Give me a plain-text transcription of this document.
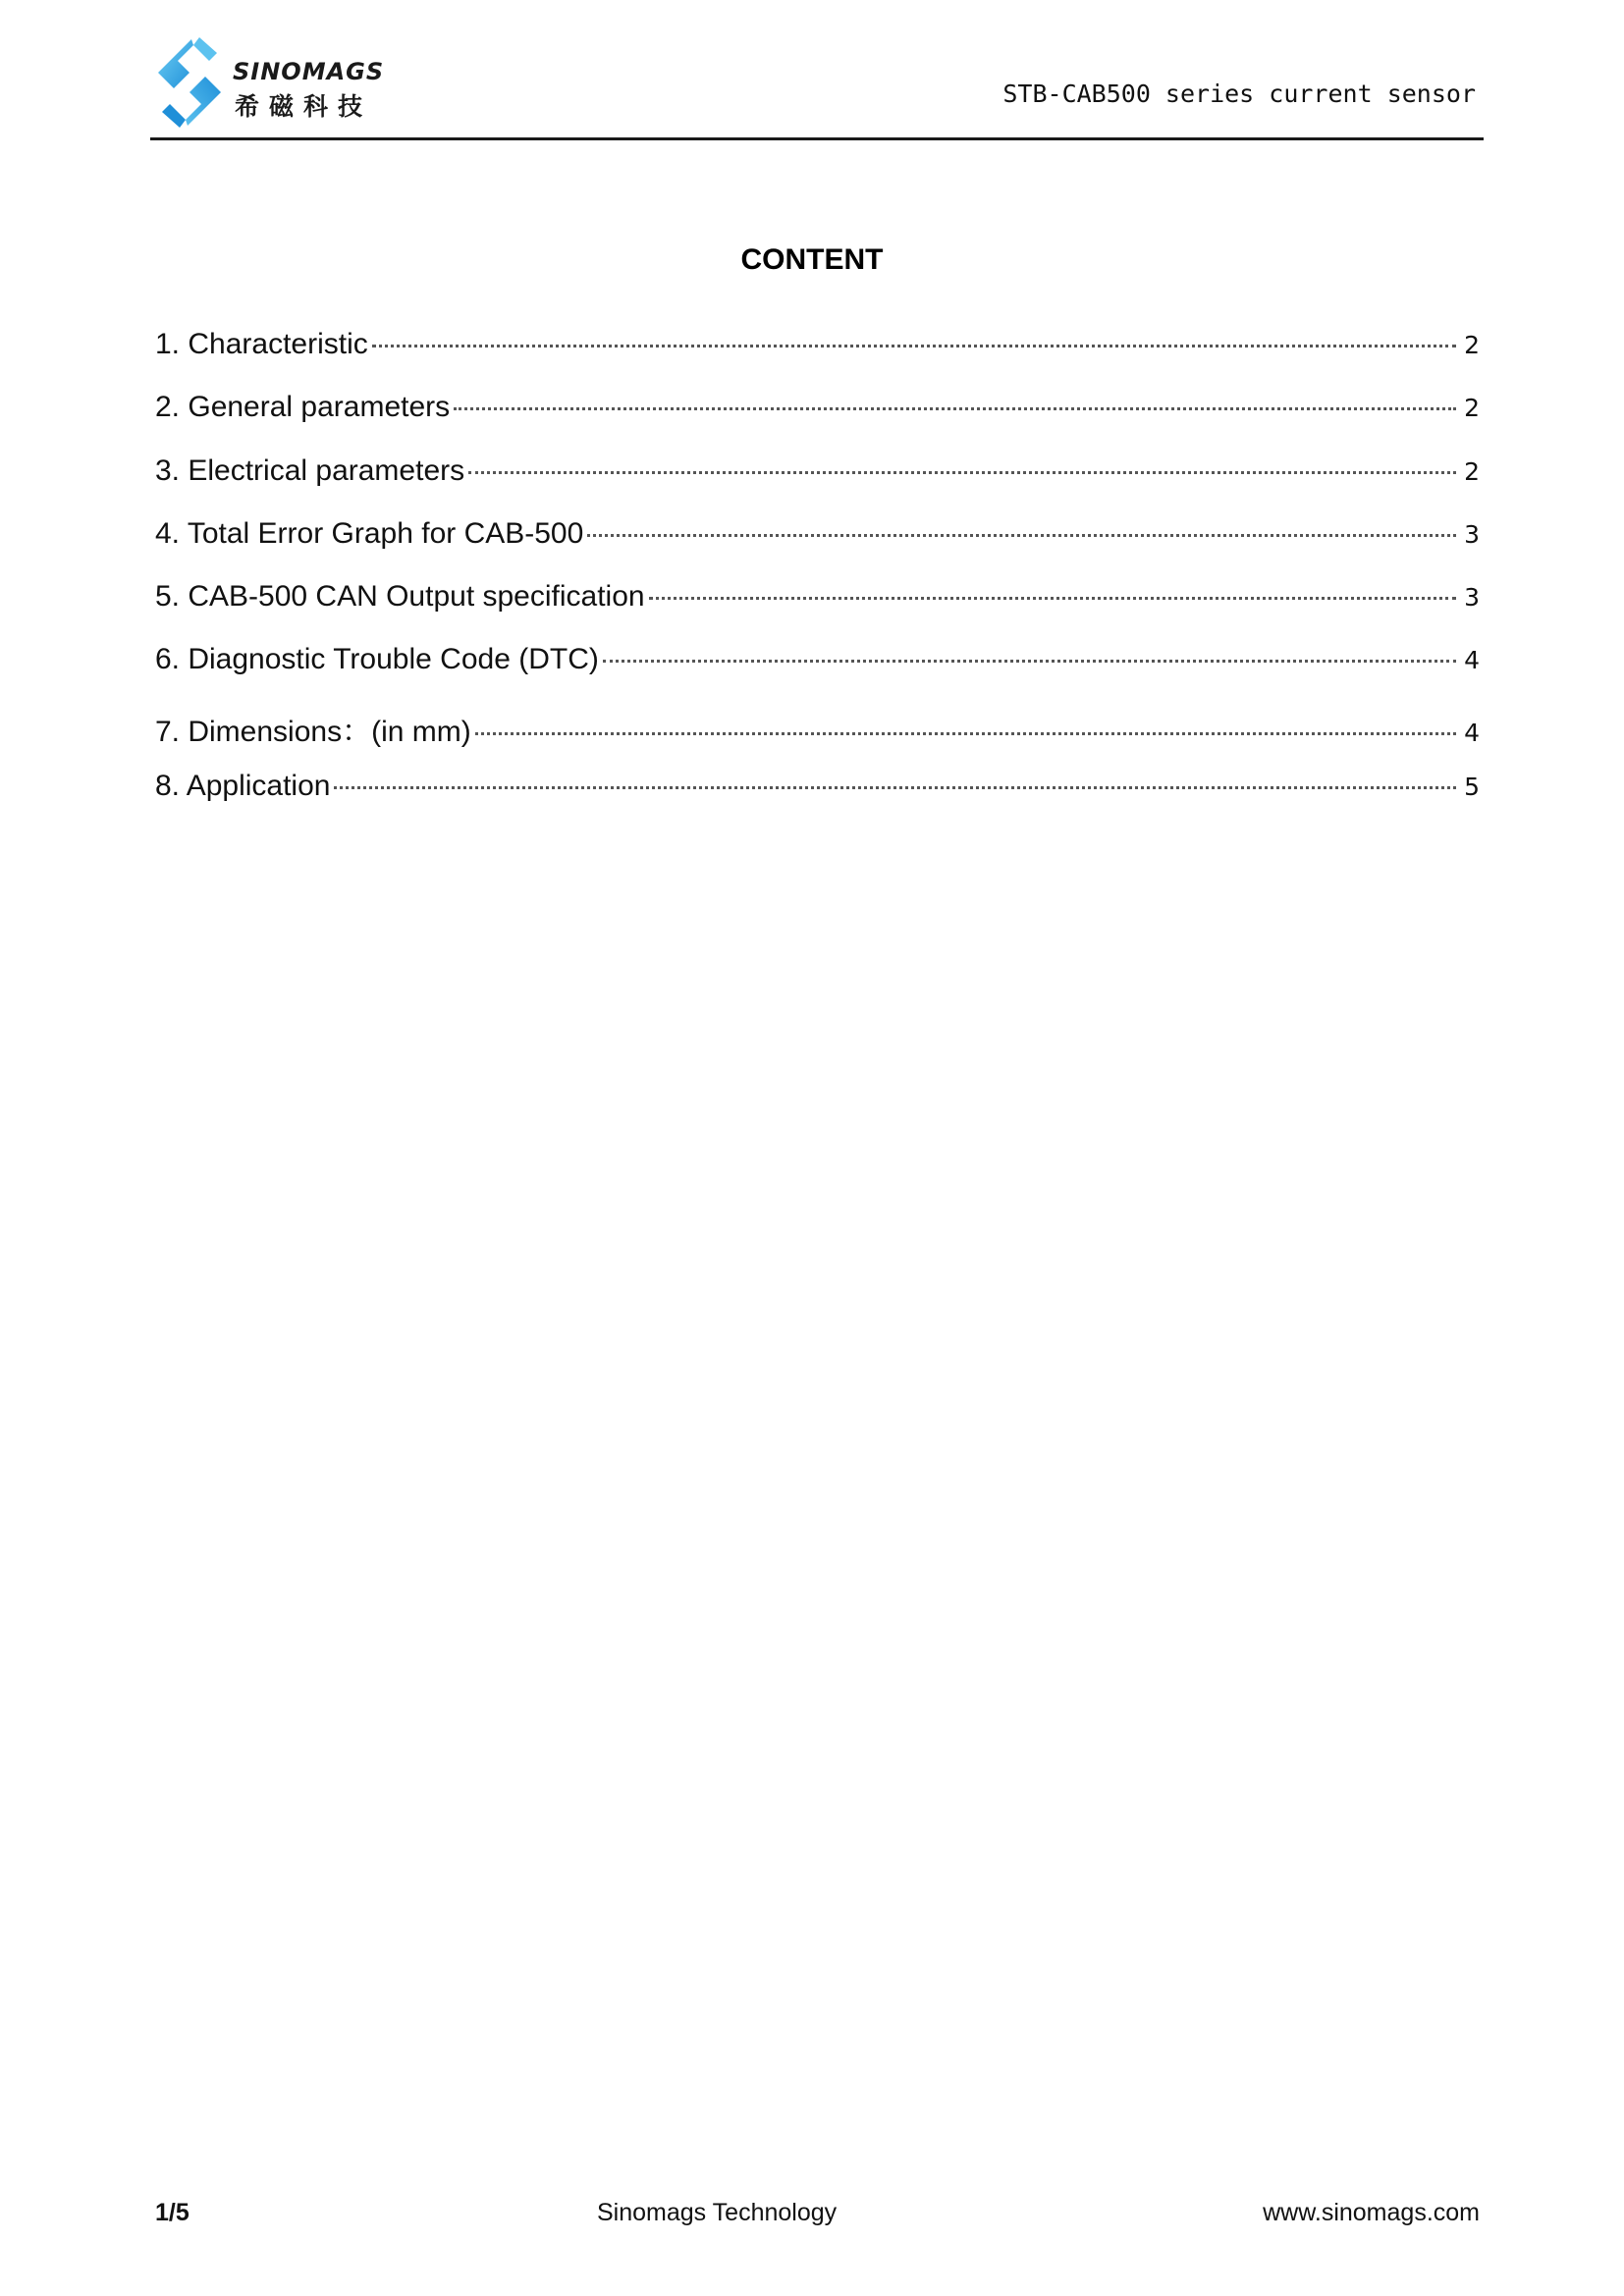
SINOMAGS
希磁科技	STB-CAB500 series current sensor
CONTENT
1. Characteristic	2
2. General parameters	2
3. Electrical parameters	2
4. Total Error Graph for CAB-500	3
5. CAB-500 CAN Output specification	3
6. Diagnostic Trouble Code (DTC)	4
7. Dimensions：(in mm)	4
8. Application	5
1/5	Sinomags Technology	www.sinomags.com
